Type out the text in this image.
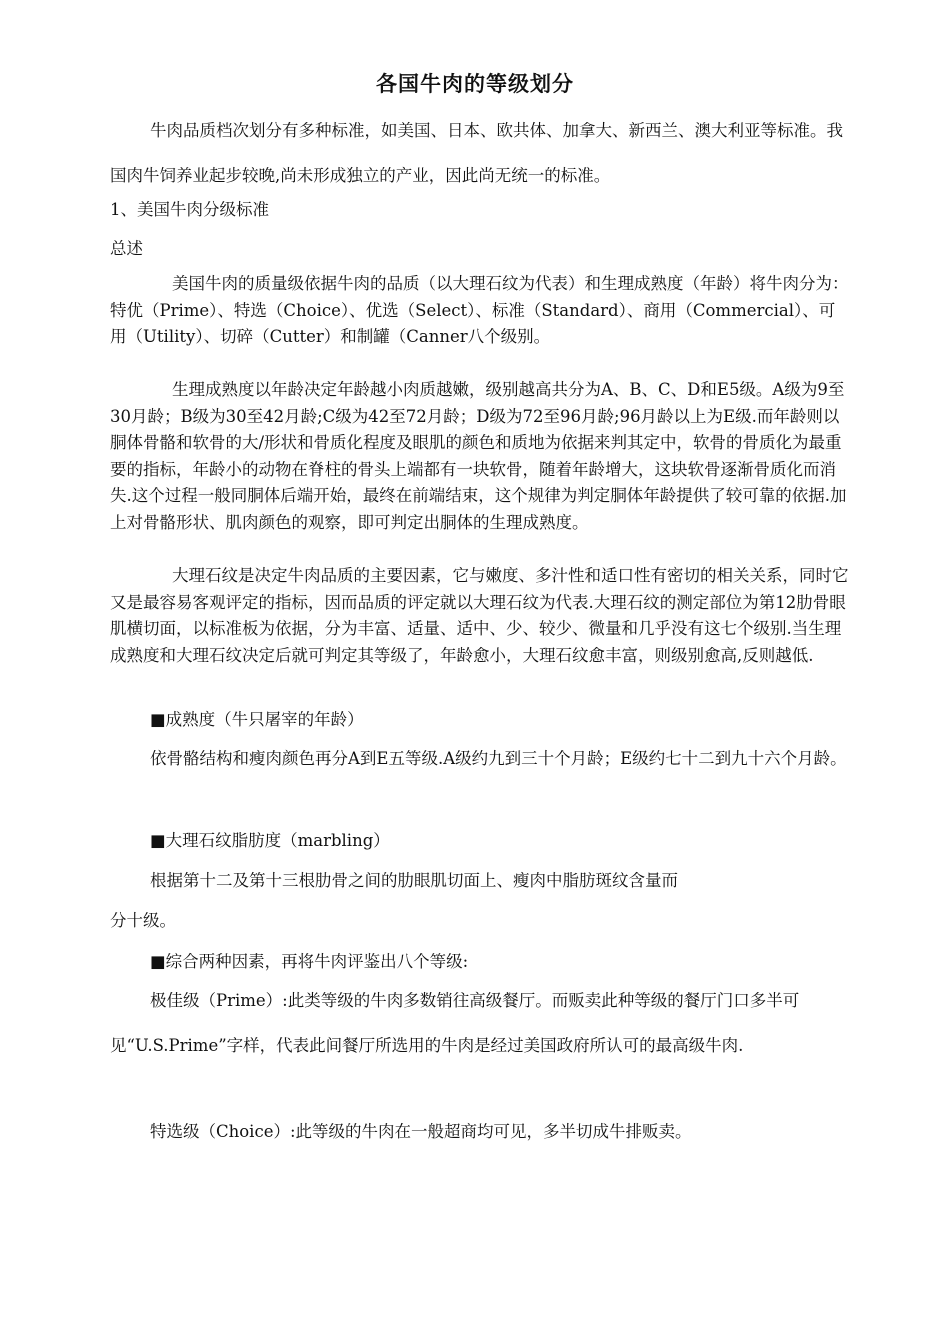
各国牛肉的等级划分

牛肉品质档次划分有多种标准，如美国、日本、欧共体、加拿大、新西兰、澳大利亚等标准。我国肉牛饲养业起步较晚,尚未形成独立的产业，因此尚无统一的标准。

1、美国牛肉分级标准

总述

美国牛肉的质量级依据牛肉的品质（以大理石纹为代表）和生理成熟度（年龄）将牛肉分为：特优（Prime）、特选（Choice）、优选（Select）、标准（Standard）、商用（Commercial）、可用（Utility）、切碎（Cutter）和制罐（Canner八个级别。

生理成熟度以年龄决定年龄越小肉质越嫩，级别越高共分为A、B、C、D和E5级。A级为9至30月龄；B级为30至42月龄;C级为42至72月龄；D级为72至96月龄;96月龄以上为E级.而年龄则以胴体骨骼和软骨的大/形状和骨质化程度及眼肌的颜色和质地为依据来判其定中，软骨的骨质化为最重要的指标，年龄小的动物在脊柱的骨头上端都有一块软骨，随着年龄增大，这块软骨逐渐骨质化而消失.这个过程一般同胴体后端开始，最终在前端结束，这个规律为判定胴体年龄提供了较可靠的依据.加上对骨骼形状、肌肉颜色的观察，即可判定出胴体的生理成熟度。

大理石纹是决定牛肉品质的主要因素，它与嫩度、多汁性和适口性有密切的相关关系，同时它又是最容易客观评定的指标，因而品质的评定就以大理石纹为代表.大理石纹的测定部位为第12肋骨眼肌横切面，以标准板为依据，分为丰富、适量、适中、少、较少、微量和几乎没有这七个级别.当生理成熟度和大理石纹决定后就可判定其等级了，年龄愈小，大理石纹愈丰富，则级别愈高,反则越低.

■成熟度（牛只屠宰的年龄）

依骨骼结构和瘦肉颜色再分A到E五等级.A级约九到三十个月龄；E级约七十二到九十六个月龄。

■大理石纹脂肪度（marbling）

根据第十二及第十三根肋骨之间的肋眼肌切面上、瘦肉中脂肪斑纹含量而

分十级。

■综合两种因素，再将牛肉评鉴出八个等级:

极佳级（Prime）:此类等级的牛肉多数销往高级餐厅。而贩卖此种等级的餐厅门口多半可见“U.S.Prime”字样，代表此间餐厅所选用的牛肉是经过美国政府所认可的最高级牛肉.

特选级（Choice）:此等级的牛肉在一般超商均可见，多半切成牛排贩卖。
